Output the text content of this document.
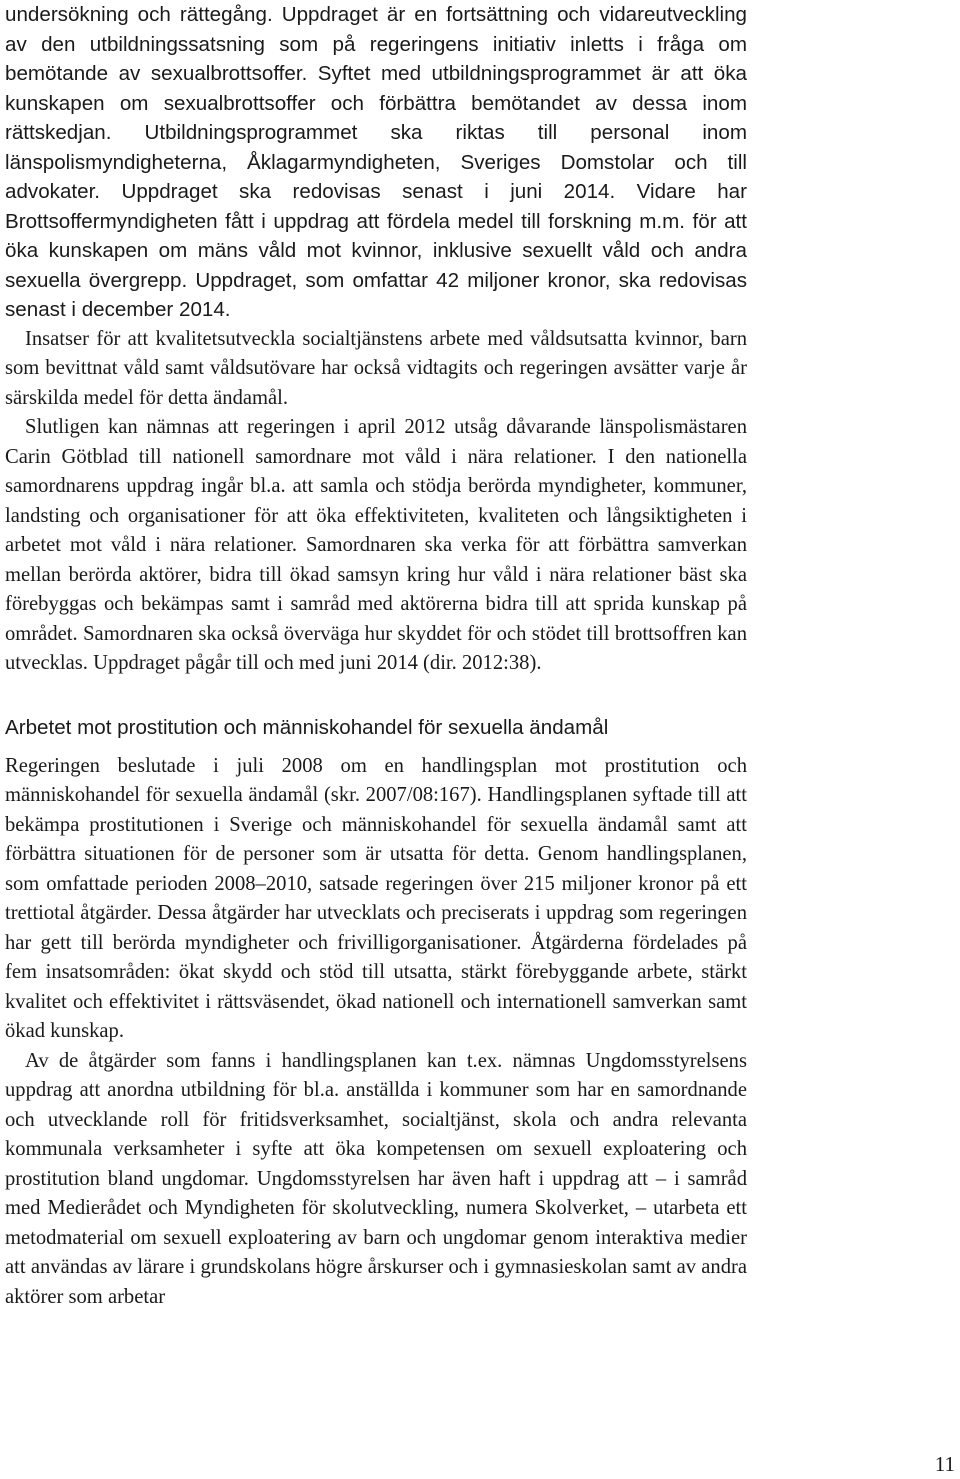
undersökning och rättegång. Uppdraget är en fortsättning och vidareutveckling av den utbildningssatsning som på regeringens initiativ inletts i fråga om bemötande av sexualbrottsoffer. Syftet med utbildningsprogrammet är att öka kunskapen om sexualbrottsoffer och förbättra bemötandet av dessa inom rättskedjan. Utbildningsprogrammet ska riktas till personal inom länspolismyndigheterna, Åklagarmyndigheten, Sveriges Domstolar och till advokater. Uppdraget ska redovisas senast i juni 2014. Vidare har Brottsoffermyndigheten fått i uppdrag att fördela medel till forskning m.m. för att öka kunskapen om mäns våld mot kvinnor, inklusive sexuellt våld och andra sexuella övergrepp. Uppdraget, som omfattar 42 miljoner kronor, ska redovisas senast i december 2014.

Insatser för att kvalitetsutveckla socialtjänstens arbete med våldsutsatta kvinnor, barn som bevittnat våld samt våldsutövare har också vidtagits och regeringen avsätter varje år särskilda medel för detta ändamål.

Slutligen kan nämnas att regeringen i april 2012 utsåg dåvarande länspolismästaren Carin Götblad till nationell samordnare mot våld i nära relationer. I den nationella samordnarens uppdrag ingår bl.a. att samla och stödja berörda myndigheter, kommuner, landsting och organisationer för att öka effektiviteten, kvaliteten och långsiktigheten i arbetet mot våld i nära relationer. Samordnaren ska verka för att förbättra samverkan mellan berörda aktörer, bidra till ökad samsyn kring hur våld i nära relationer bäst ska förebyggas och bekämpas samt i samråd med aktörerna bidra till att sprida kunskap på området. Samordnaren ska också överväga hur skyddet för och stödet till brottsoffren kan utvecklas. Uppdraget pågår till och med juni 2014 (dir. 2012:38).

Arbetet mot prostitution och människohandel för sexuella ändamål

Regeringen beslutade i juli 2008 om en handlingsplan mot prostitution och människohandel för sexuella ändamål (skr. 2007/08:167). Handlingsplanen syftade till att bekämpa prostitutionen i Sverige och människohandel för sexuella ändamål samt att förbättra situationen för de personer som är utsatta för detta. Genom handlingsplanen, som omfattade perioden 2008–2010, satsade regeringen över 215 miljoner kronor på ett trettiotal åtgärder. Dessa åtgärder har utvecklats och preciserats i uppdrag som regeringen har gett till berörda myndigheter och frivilligorganisationer. Åtgärderna fördelades på fem insatsområden: ökat skydd och stöd till utsatta, stärkt förebyggande arbete, stärkt kvalitet och effektivitet i rättsväsendet, ökad nationell och internationell samverkan samt ökad kunskap.

Av de åtgärder som fanns i handlingsplanen kan t.ex. nämnas Ungdomsstyrelsens uppdrag att anordna utbildning för bl.a. anställda i kommuner som har en samordnande och utvecklande roll för fritidsverksamhet, socialtjänst, skola och andra relevanta kommunala verksamheter i syfte att öka kompetensen om sexuell exploatering och prostitution bland ungdomar. Ungdomsstyrelsen har även haft i uppdrag att – i samråd med Medierådet och Myndigheten för skolutveckling, numera Skolverket, – utarbeta ett metodmaterial om sexuell exploatering av barn och ungdomar genom interaktiva medier att användas av lärare i grundskolans högre årskurser och i gymnasieskolan samt av andra aktörer som arbetar

11
